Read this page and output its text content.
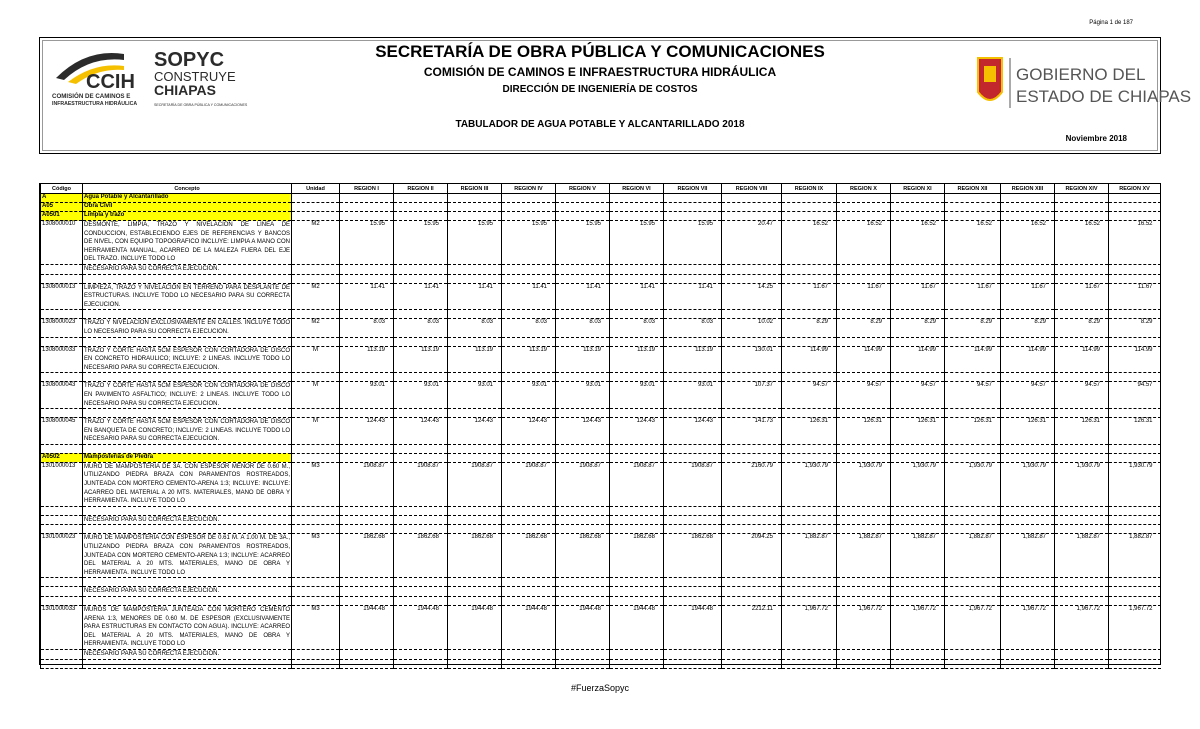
Página 1 de 187
CCIH
COMISIÓN DE CAMINOS E
INFRAESTRUCTURA HIDRÁULICA
SOPYC
CONSTRUYE
CHIAPAS
SECRETARÍA DE OBRA PÚBLICA Y COMUNICACIONES
SECRETARÍA DE OBRA PÚBLICA Y COMUNICACIONES
COMISIÓN DE CAMINOS E INFRAESTRUCTURA HIDRÁULICA
DIRECCIÓN DE INGENIERÍA DE COSTOS
TABULADOR DE AGUA POTABLE Y ALCANTARILLADO 2018
Noviembre 2018
GOBIERNO DEL
ESTADO DE CHIAPAS
Código	Concepto	Unidad	REGION I	REGION II	REGION III	REGION IV	REGION V	REGION VI	REGION VII	REGION VIII	REGION IX	REGION X	REGION XI	REGION XII	REGION XIII	REGION XIV	REGION XV
A	Agua Potable y Alcantarillado																
A05	Obra Civil																
A0501	Limpia y trazo																
1308000010	DESMONTE, LIMPIA, TRAZO Y NIVELACION DE LINEA DE CONDUCCION, ESTABLECIENDO EJES DE REFERENCIAS Y BANCOS DE NIVEL, CON EQUIPO TOPOGRAFICO INCLUYE: LIMPIA A MANO CON HERRAMIENTA MANUAL, ACARREO DE LA MALEZA FUERA DEL EJE DEL TRAZO. INCLUYE TODO LO	M2	15.95	15.95	15.95	15.95	15.95	15.95	15.95	20.47	16.52	16.52	16.52	16.52	16.52	16.52	16.52
	NECESARIO PARA SU CORRECTA EJECUCION.																

1308000013	LIMPIEZA, TRAZO Y NIVELACION EN TERRENO PARA DESPLANTE DE ESTRUCTURAS. INCLUYE TODO LO NECESARIO PARA SU CORRECTA EJECUCION.	M2	11.41	11.41	11.41	11.41	11.41	11.41	11.41	14.25	11.67	11.67	11.67	11.67	11.67	11.67	11.67

1308000023	TRAZO Y NIVELACION EXCLUSIVAMENTE EN CALLES. INCLUYE TODO LO NECESARIO PARA SU CORRECTA EJECUCION.	M2	8.03	8.03	8.03	8.03	8.03	8.03	8.03	10.02	8.29	8.29	8.29	8.29	8.29	8.29	8.29

1308000033	TRAZO Y CORTE HASTA 5CM ESPESOR CON CORTADORA DE DISCO EN CONCRETO HIDRAULICO; INCLUYE: 2 LINEAS. INCLUYE TODO LO NECESARIO PARA SU CORRECTA EJECUCION.	M	113.19	113.19	113.19	113.19	113.19	113.19	113.19	130.01	114.99	114.99	114.99	114.99	114.99	114.99	114.99

1308000043	TRAZO Y CORTE HASTA 5CM ESPESOR CON CORTADORA DE DISCO EN PAVIMENTO ASFALTICO; INCLUYE: 2 LINEAS. INCLUYE TODO LO NECESARIO PARA SU CORRECTA EJECUCION.	M	93.01	93.01	93.01	93.01	93.01	93.01	93.01	107.37	94.57	94.57	94.57	94.57	94.57	94.57	94.57

1308000045	TRAZO Y CORTE HASTA 5CM ESPESOR CON CORTADORA DE DISCO EN BANQUETA DE CONCRETO; INCLUYE: 2 LINEAS. INCLUYE TODO LO NECESARIO PARA SU CORRECTA EJECUCION.	M	124.43	124.43	124.43	124.43	124.43	124.43	124.43	141.73	126.31	126.31	126.31	126.31	126.31	126.31	126.31

A0502	Mamposterias de Piedra																
1301000013	MURO DE MAMPOSTERIA DE 3A. CON ESPESOR MENOR DE 0.60 M., UTILIZANDO PIEDRA BRAZA CON PARAMENTOS ROSTREADOS, JUNTEADA CON MORTERO CEMENTO-ARENA 1:3; INCLUYE: INCLUYE: ACARREO DEL MATERIAL A 20 MTS. MATERIALES, MANO DE OBRA Y HERRAMIENTA. INCLUYE TODO LO	M3	1908.87	1908.87	1908.87	1908.87	1908.87	1908.87	1908.87	2160.79	1,930.79	1,930.79	1,930.79	1,930.79	1,930.79	1,930.79	1,930.79

	NECESARIO PARA SU CORRECTA EJECUCION.																

1301000023	MURO DE MAMPOSTERIA CON ESPESOR DE 0.61 M. A 1.00 M. DE 3A., UTILIZANDO PIEDRA BRAZA CON PARAMENTOS ROSTREADOS, JUNTEADA CON MORTERO CEMENTO-ARENA 1:3; INCLUYE: ACARREO DEL MATERIAL A 20 MTS. MATERIALES, MANO DE OBRA Y HERRAMIENTA. INCLUYE TODO LO	M3	1862.68	1862.68	1862.68	1862.68	1862.68	1862.68	1862.68	2094.25	1,882.87	1,882.87	1,882.87	1,882.87	1,882.87	1,882.87	1,882.87

	NECESARIO PARA SU CORRECTA EJECUCION.																

1301000033	MUROS DE MAMPOSTERIA JUNTEADA CON MORTERO CEMENTO ARENA 1:3, MENORES DE 0.60 M. DE ESPESOR (EXCLUSIVAMENTE PARA ESTRUCTURAS EN CONTACTO CON AGUA). INCLUYE: ACARREO DEL MATERIAL A 20 MTS. MATERIALES, MANO DE OBRA Y HERRAMIENTA. INCLUYE TODO LO	M3	1944.48	1944.48	1944.48	1944.48	1944.48	1944.48	1944.48	2212.11	1,967.72	1,967.72	1,967.72	1,967.72	1,967.72	1,967.72	1,967.72
	NECESARIO PARA SU CORRECTA EJECUCION.																

#FuerzaSopyc
